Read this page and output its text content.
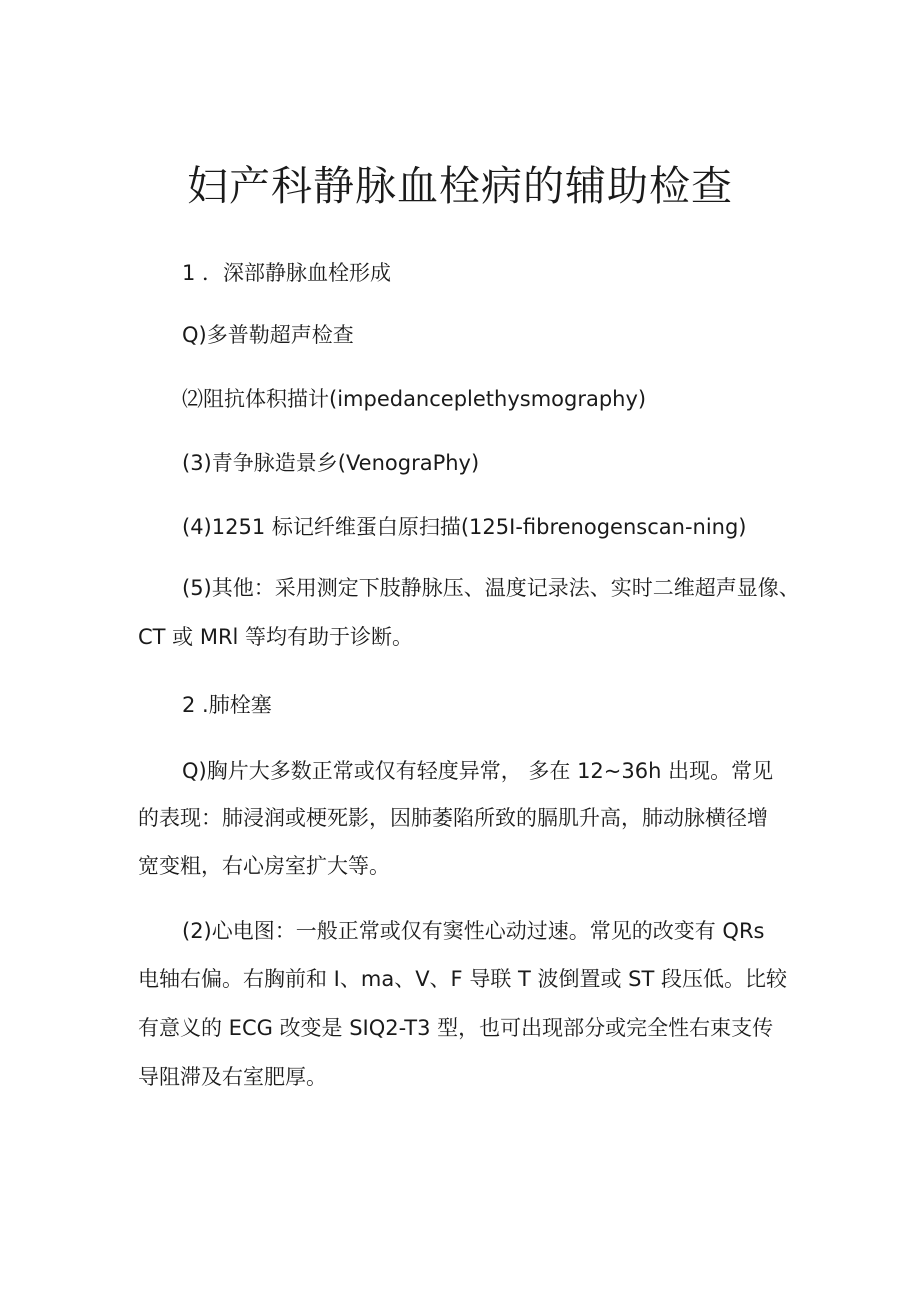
妇产科静脉血栓病的辅助检查

1 ．深部静脉血栓形成

Q)多普勒超声检查

⑵阻抗体积描计(impedanceplethysmography)

(3)青争脉造景乡(VenograPhy)

(4)1251 标记纤维蛋白原扫描(125I-fibrenogenscan-ning)

(5)其他：采用测定下肢静脉压、温度记录法、实时二维超声显像、

CT 或 MRl 等均有助于诊断。

2 .肺栓塞

Q)胸片大多数正常或仅有轻度异常， 多在 12~36h 出现。常见

的表现：肺浸润或梗死影，因肺萎陷所致的膈肌升高，肺动脉横径增

宽变粗，右心房室扩大等。

(2)心电图：一般正常或仅有窦性心动过速。常见的改变有 QRs

电轴右偏。右胸前和 I、ma、V、F 导联 T 波倒置或 ST 段压低。比较

有意义的 ECG 改变是 SIQ2-T3 型，也可出现部分或完全性右束支传

导阻滞及右室肥厚。
